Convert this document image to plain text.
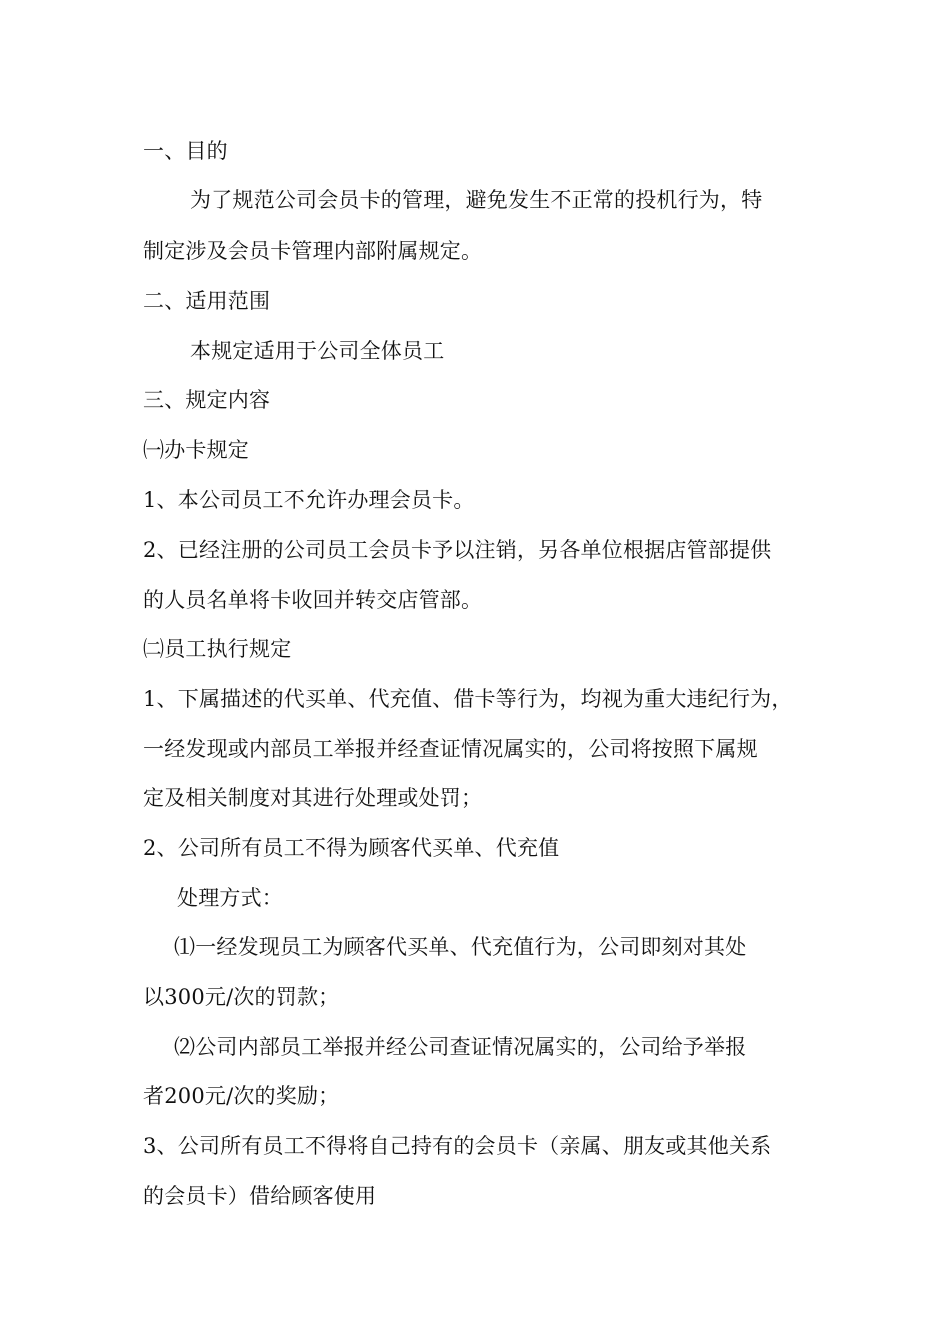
一、目的
为了规范公司会员卡的管理，避免发生不正常的投机行为，特
制定涉及会员卡管理内部附属规定。
二、适用范围
本规定适用于公司全体员工
三、规定内容
㈠办卡规定
1、本公司员工不允许办理会员卡。
2、已经注册的公司员工会员卡予以注销，另各单位根据店管部提供
的人员名单将卡收回并转交店管部。
㈡员工执行规定
1、下属描述的代买单、代充值、借卡等行为，均视为重大违纪行为，
一经发现或内部员工举报并经查证情况属实的，公司将按照下属规
定及相关制度对其进行处理或处罚；
2、公司所有员工不得为顾客代买单、代充值
处理方式：
⑴一经发现员工为顾客代买单、代充值行为，公司即刻对其处
以300元/次的罚款；
⑵公司内部员工举报并经公司查证情况属实的，公司给予举报
者200元/次的奖励；
3、公司所有员工不得将自己持有的会员卡（亲属、朋友或其他关系
的会员卡）借给顾客使用
